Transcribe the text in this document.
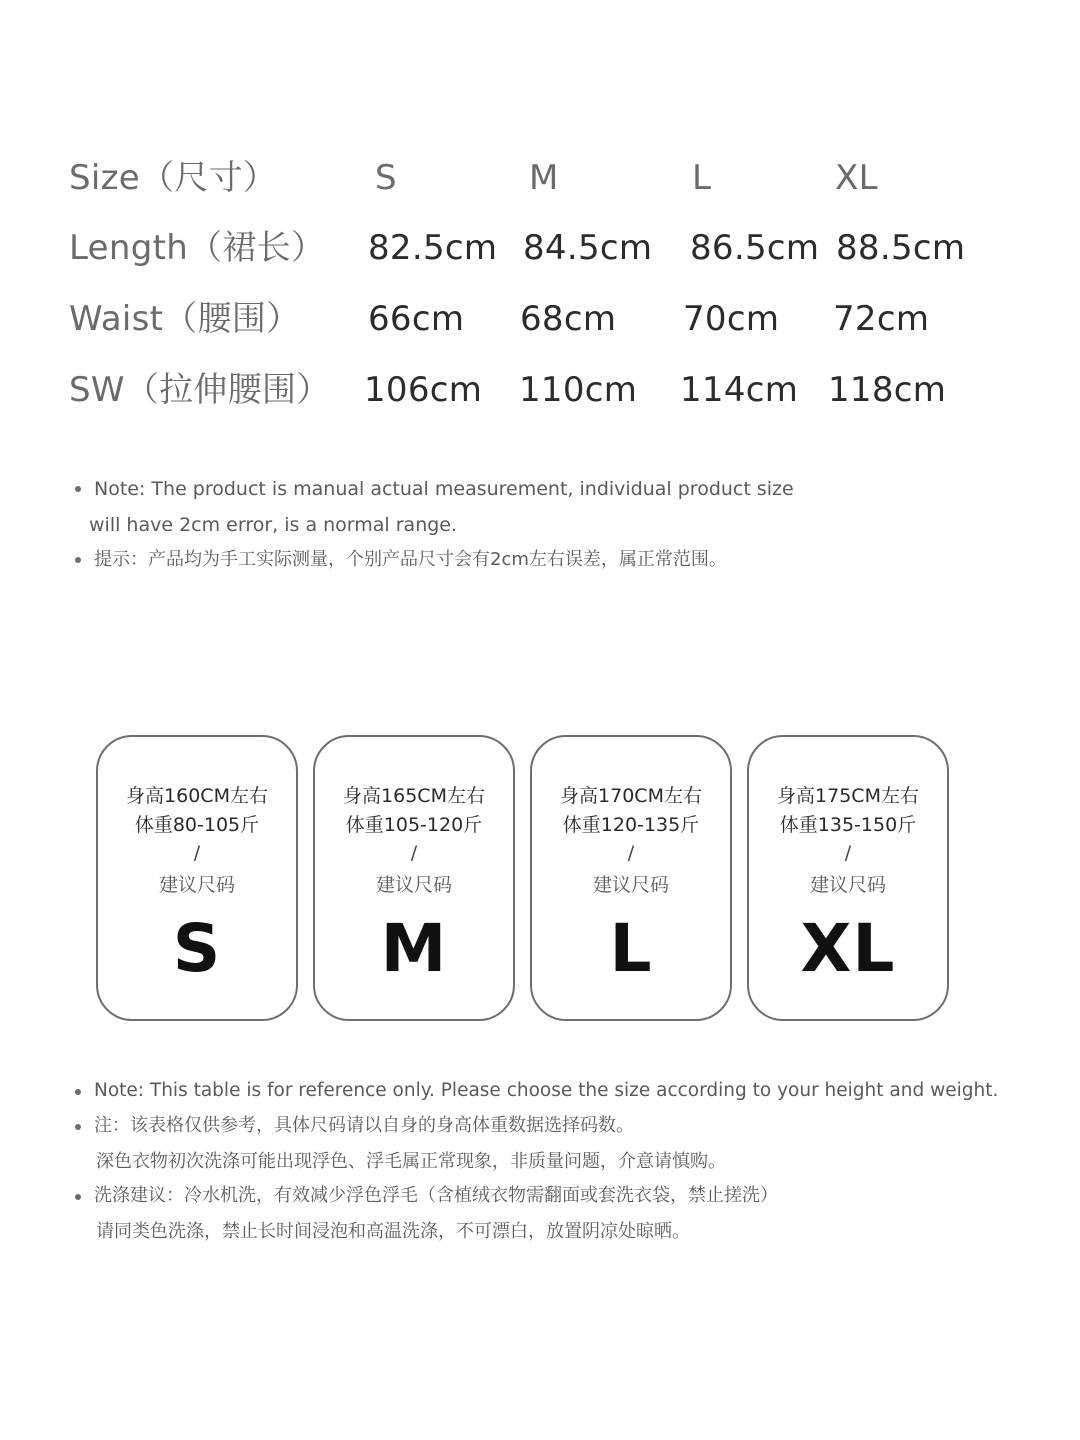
Size（尺寸）	S	M	L	XL
Length（裙长） 82.5cm 84.5cm 86.5cm 88.5cm
Waist（腰围） 66cm 68cm 70cm 72cm
SW（拉伸腰围） 106cm 110cm 114cm 118cm
Note: The product is manual actual measurement, individual product size
will have 2cm error, is a normal range.
提示：产品均为手工实际测量，个别产品尺寸会有2cm左右误差，属正常范围。
身高160CM左右
体重80-105斤
/
建议尺码
S
身高165CM左右
体重105-120斤
/
建议尺码
M
身高170CM左右
体重120-135斤
/
建议尺码
L
身高175CM左右
体重135-150斤
/
建议尺码
XL
Note: This table is for reference only. Please choose the size according to your height and weight.
注：该表格仅供参考，具体尺码请以自身的身高体重数据选择码数。
深色衣物初次洗涤可能出现浮色、浮毛属正常现象，非质量问题，介意请慎购。
洗涤建议：冷水机洗，有效减少浮色浮毛（含植绒衣物需翻面或套洗衣袋，禁止搓洗）
请同类色洗涤，禁止长时间浸泡和高温洗涤，不可漂白，放置阴凉处晾晒。
